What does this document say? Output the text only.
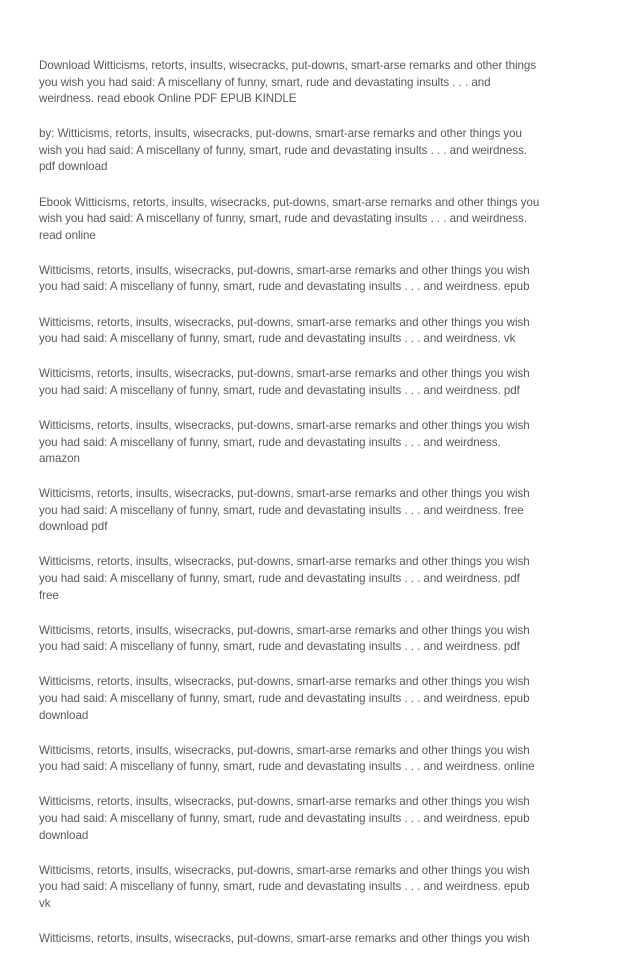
Download Witticisms, retorts, insults, wisecracks, put-downs, smart-arse remarks and other things
you wish you had said: A miscellany of funny, smart, rude and devastating insults . . . and
weirdness. read ebook Online PDF EPUB KINDLE

by: Witticisms, retorts, insults, wisecracks, put-downs, smart-arse remarks and other things you
wish you had said: A miscellany of funny, smart, rude and devastating insults . . . and weirdness.
pdf download

Ebook Witticisms, retorts, insults, wisecracks, put-downs, smart-arse remarks and other things you
wish you had said: A miscellany of funny, smart, rude and devastating insults . . . and weirdness.
read online

Witticisms, retorts, insults, wisecracks, put-downs, smart-arse remarks and other things you wish
you had said: A miscellany of funny, smart, rude and devastating insults . . . and weirdness. epub

Witticisms, retorts, insults, wisecracks, put-downs, smart-arse remarks and other things you wish
you had said: A miscellany of funny, smart, rude and devastating insults . . . and weirdness. vk

Witticisms, retorts, insults, wisecracks, put-downs, smart-arse remarks and other things you wish
you had said: A miscellany of funny, smart, rude and devastating insults . . . and weirdness. pdf

Witticisms, retorts, insults, wisecracks, put-downs, smart-arse remarks and other things you wish
you had said: A miscellany of funny, smart, rude and devastating insults . . . and weirdness.
amazon

Witticisms, retorts, insults, wisecracks, put-downs, smart-arse remarks and other things you wish
you had said: A miscellany of funny, smart, rude and devastating insults . . . and weirdness. free
download pdf

Witticisms, retorts, insults, wisecracks, put-downs, smart-arse remarks and other things you wish
you had said: A miscellany of funny, smart, rude and devastating insults . . . and weirdness. pdf
free

Witticisms, retorts, insults, wisecracks, put-downs, smart-arse remarks and other things you wish
you had said: A miscellany of funny, smart, rude and devastating insults . . . and weirdness. pdf

Witticisms, retorts, insults, wisecracks, put-downs, smart-arse remarks and other things you wish
you had said: A miscellany of funny, smart, rude and devastating insults . . . and weirdness. epub
download

Witticisms, retorts, insults, wisecracks, put-downs, smart-arse remarks and other things you wish
you had said: A miscellany of funny, smart, rude and devastating insults . . . and weirdness. online

Witticisms, retorts, insults, wisecracks, put-downs, smart-arse remarks and other things you wish
you had said: A miscellany of funny, smart, rude and devastating insults . . . and weirdness. epub
download

Witticisms, retorts, insults, wisecracks, put-downs, smart-arse remarks and other things you wish
you had said: A miscellany of funny, smart, rude and devastating insults . . . and weirdness. epub
vk

Witticisms, retorts, insults, wisecracks, put-downs, smart-arse remarks and other things you wish
